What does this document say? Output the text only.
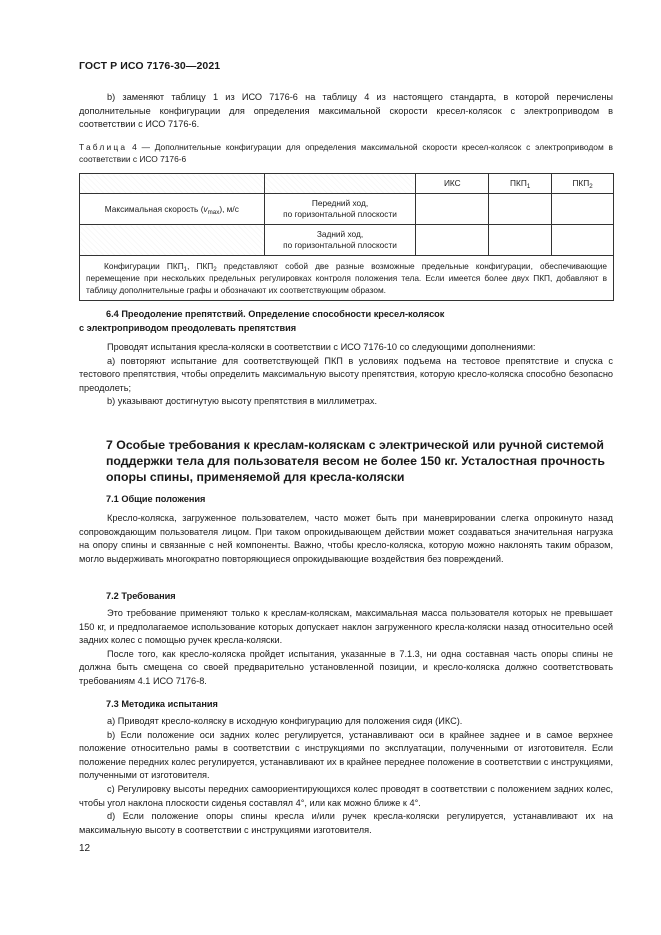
ГОСТ Р ИСО 7176-30—2021

b) заменяют таблицу 1 из ИСО 7176-6 на таблицу 4 из настоящего стандарта, в которой перечислены дополнительные конфигурации для определения максимальной скорости кресел-колясок с электроприводом в соответствии с ИСО 7176-6.

Таблица 4 — Дополнительные конфигурации для определения максимальной скорости кресел-колясок с электроприводом в соответствии с ИСО 7176-6
		ИКС	$ПКП_1$	$ПКП_2$
Максимальная скорость $(v_{max})$, м/с	Передний ход,
по горизонтальной плоскости			

	Задний ход,
по горизонтальной плоскости			

Конфигурации $ПКП_1$, $ПКП_2$ представляют собой две разные возможные предельные конфигурации, обеспечивающие перемещение при нескольких предельных регулировках контроля положения тела. Если имеется более двух ПКП, добавляют в таблицу дополнительные графы и обозначают их соответствующим образом.				
6.4 Преодоление препятствий. Определение способности кресел-колясок
с электроприводом преодолевать препятствия

Проводят испытания кресла-коляски в соответствии с ИСО 7176-10 со следующими дополнениями:

a) повторяют испытание для соответствующей ПКП в условиях подъема на тестовое препятствие и спуска с тестового препятствия, чтобы определить максимальную высоту препятствия, которую кресло-коляска способно безопасно преодолеть;

b) указывают достигнутую высоту препятствия в миллиметрах.

7 Особые требования к креслам-коляскам с электрической или ручной системой поддержки тела для пользователя весом не более 150 кг. Усталостная прочность опоры спины, применяемой для кресла-коляски
7.1 Общие положения

Кресло-коляска, загруженное пользователем, часто может быть при маневрировании слегка опрокинуто назад сопровождающим пользователя лицом. При таком опрокидывающем действии может создаваться значительная нагрузка на опору спины и связанные с ней компоненты. Важно, чтобы кресло-коляска, которую можно наклонять таким образом, могло выдерживать многократно повторяющиеся опрокидывающие воздействия без повреждений.

7.2 Требования

Это требование применяют только к креслам-коляскам, максимальная масса пользователя которых не превышает 150 кг, и предполагаемое использование которых допускает наклон загруженного кресла-коляски назад относительно осей задних колес с помощью ручек кресла-коляски.

После того, как кресло-коляска пройдет испытания, указанные в 7.1.3, ни одна составная часть опоры спины не должна быть смещена со своей предварительно установленной позиции, и кресло-коляска должно соответствовать требованиям 4.1 ИСО 7176-8.

7.3 Методика испытания

a) Приводят кресло-коляску в исходную конфигурацию для положения сидя (ИКС).

b) Если положение оси задних колес регулируется, устанавливают оси в крайнее заднее и в самое верхнее положение относительно рамы в соответствии с инструкциями по эксплуатации, полученными от изготовителя. Если положение передних колес регулируется, устанавливают их в крайнее переднее положение в соответствии с инструкциями, полученными от изготовителя.

c) Регулировку высоты передних самоориентирующихся колес проводят в соответствии с положением задних колес, чтобы угол наклона плоскости сиденья составлял 4°, или как можно ближе к 4°.

d) Если положение опоры спины кресла и/или ручек кресла-коляски регулируется, устанавливают их на максимальную высоту в соответствии с инструкциями изготовителя.

12
